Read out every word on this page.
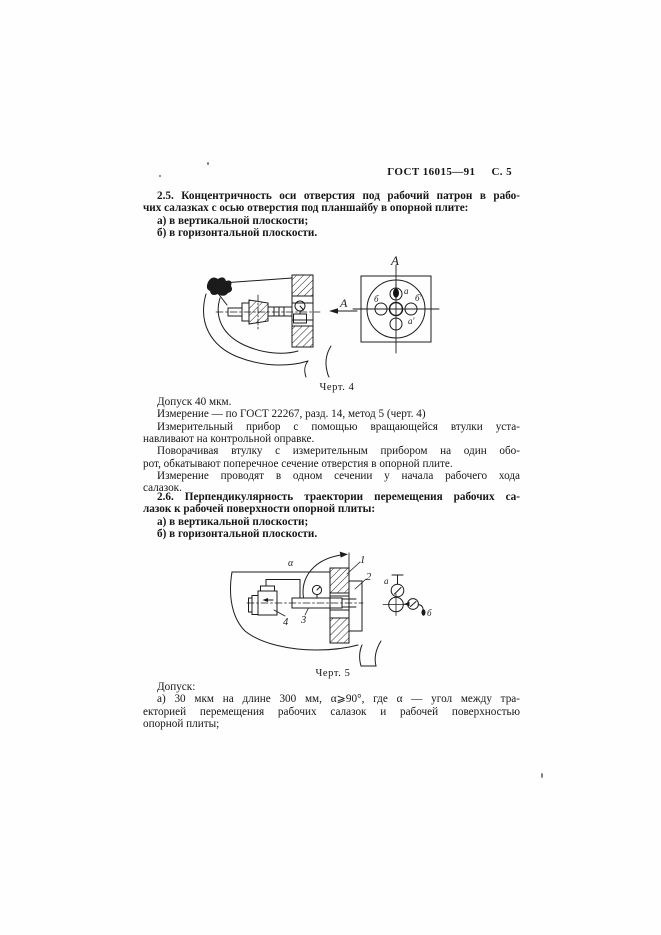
ГОСТ 16015—91 С. 5
2.5. Концентричность оси отверстия под рабочий патрон в рабо-
чих салазках с осью отверстия под планшайбу в опорной плите:
а) в вертикальной плоскости;
б) в горизонтальной плоскости.
А
А
а
а'
б	б'
Черт. 4
Допуск 40 мкм.
Измерение — по ГОСТ 22267, разд. 14, метод 5 (черт. 4)
Измерительный прибор с помощью вращающейся втулки уста-
навливают на контрольной оправке.
Поворачивая втулку с измерительным прибором на один обо-
рот, обкатывают поперечное сечение отверстия в опорной плите.
Измерение проводят в одном сечении у начала рабочего хода
салазок.
2.6. Перпендикулярность траектории перемещения рабочих са-
лазок к рабочей поверхности опорной плиты:
а) в вертикальной плоскости;
б) в горизонтальной плоскости.
α	1
2
3
4
а
б
Черт. 5
Допуск:
а) 30 мкм на длине 300 мм, α⩾90°, где α — угол между тра-
екторией перемещения рабочих салазок и рабочей поверхностью
опорной плиты;
